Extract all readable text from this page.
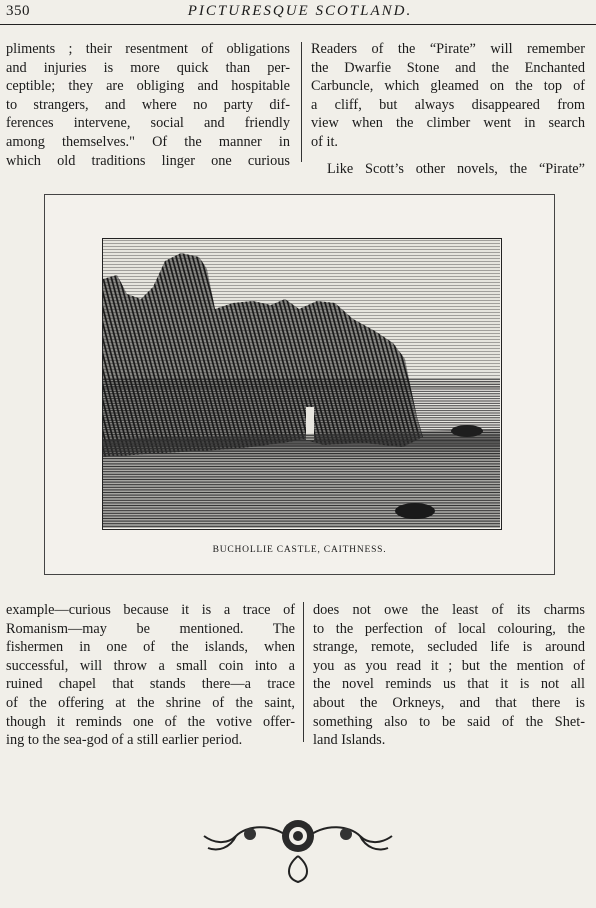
350	PICTURESQUE SCOTLAND.
pliments ; their resentment of obligations
and injuries is more quick than per-
ceptible; they are obliging and hospitable
to strangers, and where no party dif-
ferences intervene, social and friendly
among themselves." Of the manner in
which old traditions linger one curious
Readers of the “Pirate” will remember
the Dwarfie Stone and the Enchanted
Carbuncle, which gleamed on the top of
a cliff, but always disappeared from
view when the climber went in search
of it.
Like Scott’s other novels, the “Pirate”
BUCHOLLIE CASTLE, CAITHNESS.
example—curious because it is a trace of
Romanism—may be mentioned. The
fishermen in one of the islands, when
successful, will throw a small coin into a
ruined chapel that stands there—a trace
of the offering at the shrine of the saint,
though it reminds one of the votive offer-
ing to the sea-god of a still earlier period.
does not owe the least of its charms
to the perfection of local colouring, the
strange, remote, secluded life is around
you as you read it ; but the mention of
the novel reminds us that it is not all
about the Orkneys, and that there is
something also to be said of the Shet-
land Islands.
